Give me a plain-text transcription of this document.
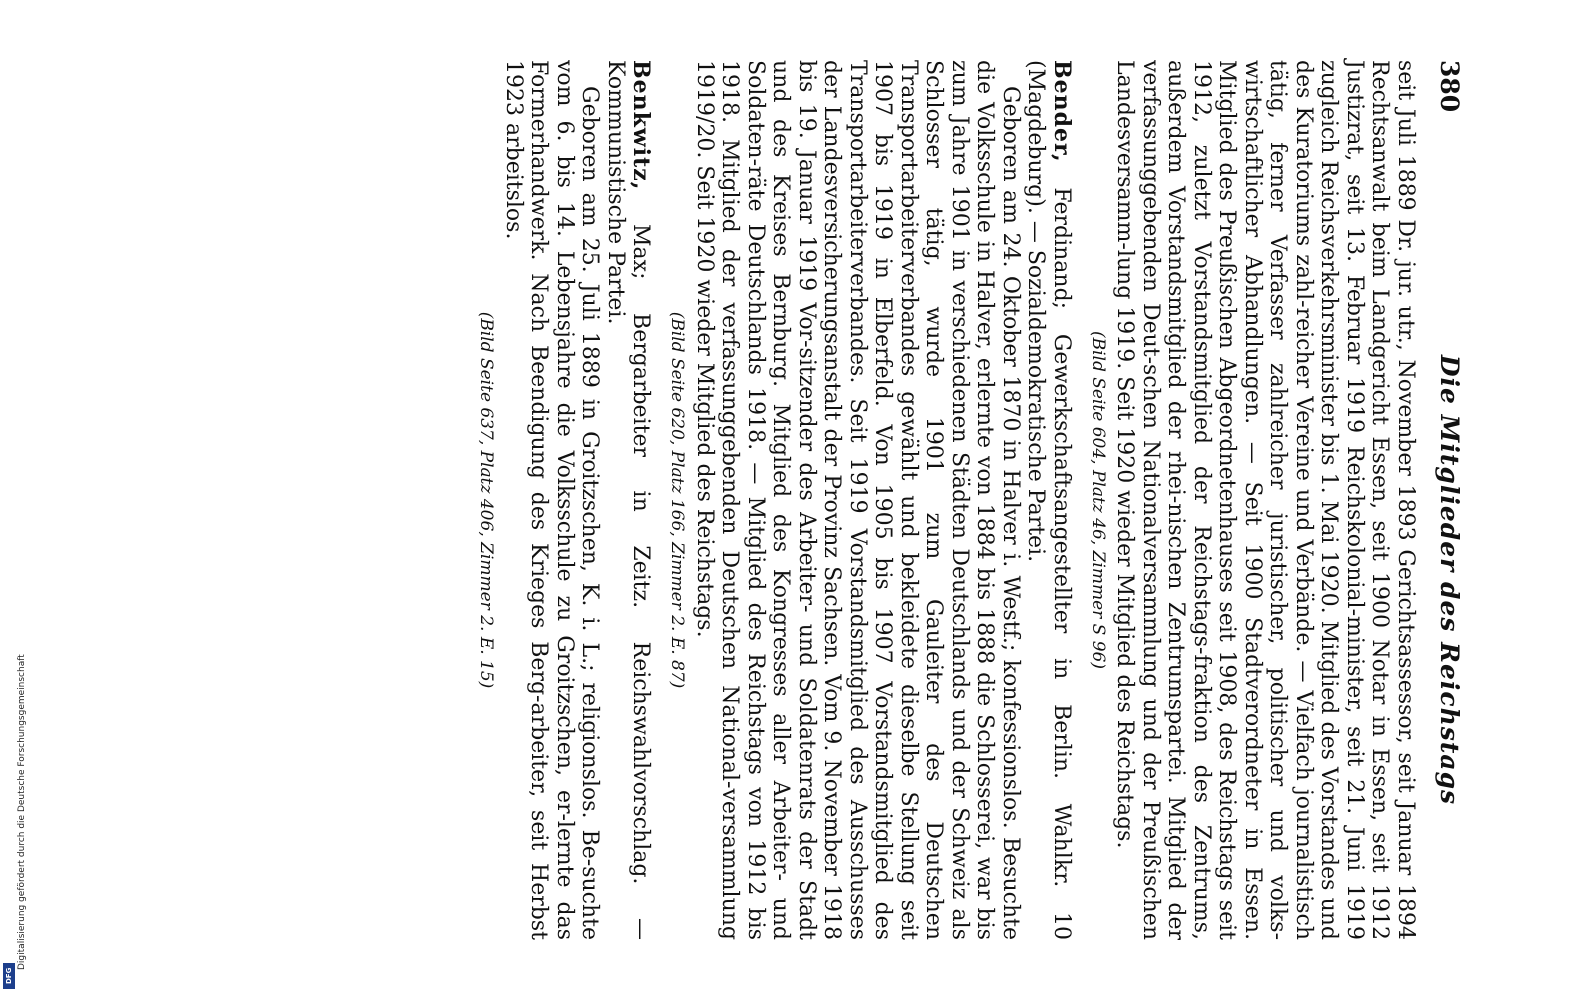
380
Die Mitglieder des Reichstags

seit Juli 1889 Dr. jur. utr., November 1893 Gerichtsassessor, seit Januar 1894 Rechtsanwalt beim Landgericht Essen, seit 1900 Notar in Essen, seit 1912 Justizrat, seit 13. Februar 1919 Reichskolonial-minister, seit 21. Juni 1919 zugleich Reichsverkehrsminister bis 1. Mai 1920. Mitglied des Vorstandes und des Kuratoriums zahl-reicher Vereine und Verbände. — Vielfach journalistisch tätig, ferner Verfasser zahlreicher juristischer, politischer und volks-wirtschaftlicher Abhandlungen. — Seit 1900 Stadtverordneter in Essen. Mitglied des Preußischen Abgeordnetenhauses seit 1908, des Reichstags seit 1912, zuletzt Vorstandsmitglied der Reichstags-fraktion des Zentrums, außerdem Vorstandsmitglied der rhei-nischen Zentrumspartei. Mitglied der verfassunggebenden Deut-schen Nationalversammlung und der Preußischen Landesversamm-lung 1919. Seit 1920 wieder Mitglied des Reichstags.

(Bild Seite 604, Platz 46, Zimmer S 96)

Bender, Ferdinand; Gewerkschaftsangestellter in Berlin. Wahlkr. 10 (Magdeburg). — Sozialdemokratische Partei.

Geboren am 24. Oktober 1870 in Halver i. Westf.; konfessionslos. Besuchte die Volksschule in Halver, erlernte von 1884 bis 1888 die Schlosserei, war bis zum Jahre 1901 in verschiedenen Städten Deutschlands und der Schweiz als Schlosser tätig, wurde 1901 zum Gauleiter des Deutschen Transportarbeiterverbandes gewählt und bekleidete dieselbe Stellung seit 1907 bis 1919 in Elberfeld. Von 1905 bis 1907 Vorstandsmitglied des Transportarbeiterverbandes. Seit 1919 Vorstandsmitglied des Ausschusses der Landesversicherungsanstalt der Provinz Sachsen. Vom 9. November 1918 bis 19. Januar 1919 Vor-sitzender des Arbeiter- und Soldatenrats der Stadt und des Kreises Bernburg. Mitglied des Kongresses aller Arbeiter- und Soldaten-räte Deutschlands 1918. — Mitglied des Reichstags von 1912 bis 1918. Mitglied der verfassunggebenden Deutschen National-versammlung 1919/20. Seit 1920 wieder Mitglied des Reichstags.

(Bild Seite 620, Platz 166, Zimmer 2. E. 87)

Benkwitz, Max; Bergarbeiter in Zeitz. Reichswahlvorschlag. — Kommunistische Partei.

Geboren am 25. Juli 1889 in Groitzschen, K. i. L.; religionslos. Be-suchte vom 6. bis 14. Lebensjahre die Volksschule zu Groitzschen, er-lernte das Formerhandwerk. Nach Beendigung des Krieges Berg-arbeiter, seit Herbst 1923 arbeitslos.

(Bild Seite 637, Platz 406, Zimmer 2. E. 15)
Digitalisierung gefördert durch die Deutsche Forschungsgemeinschaft
DFG
